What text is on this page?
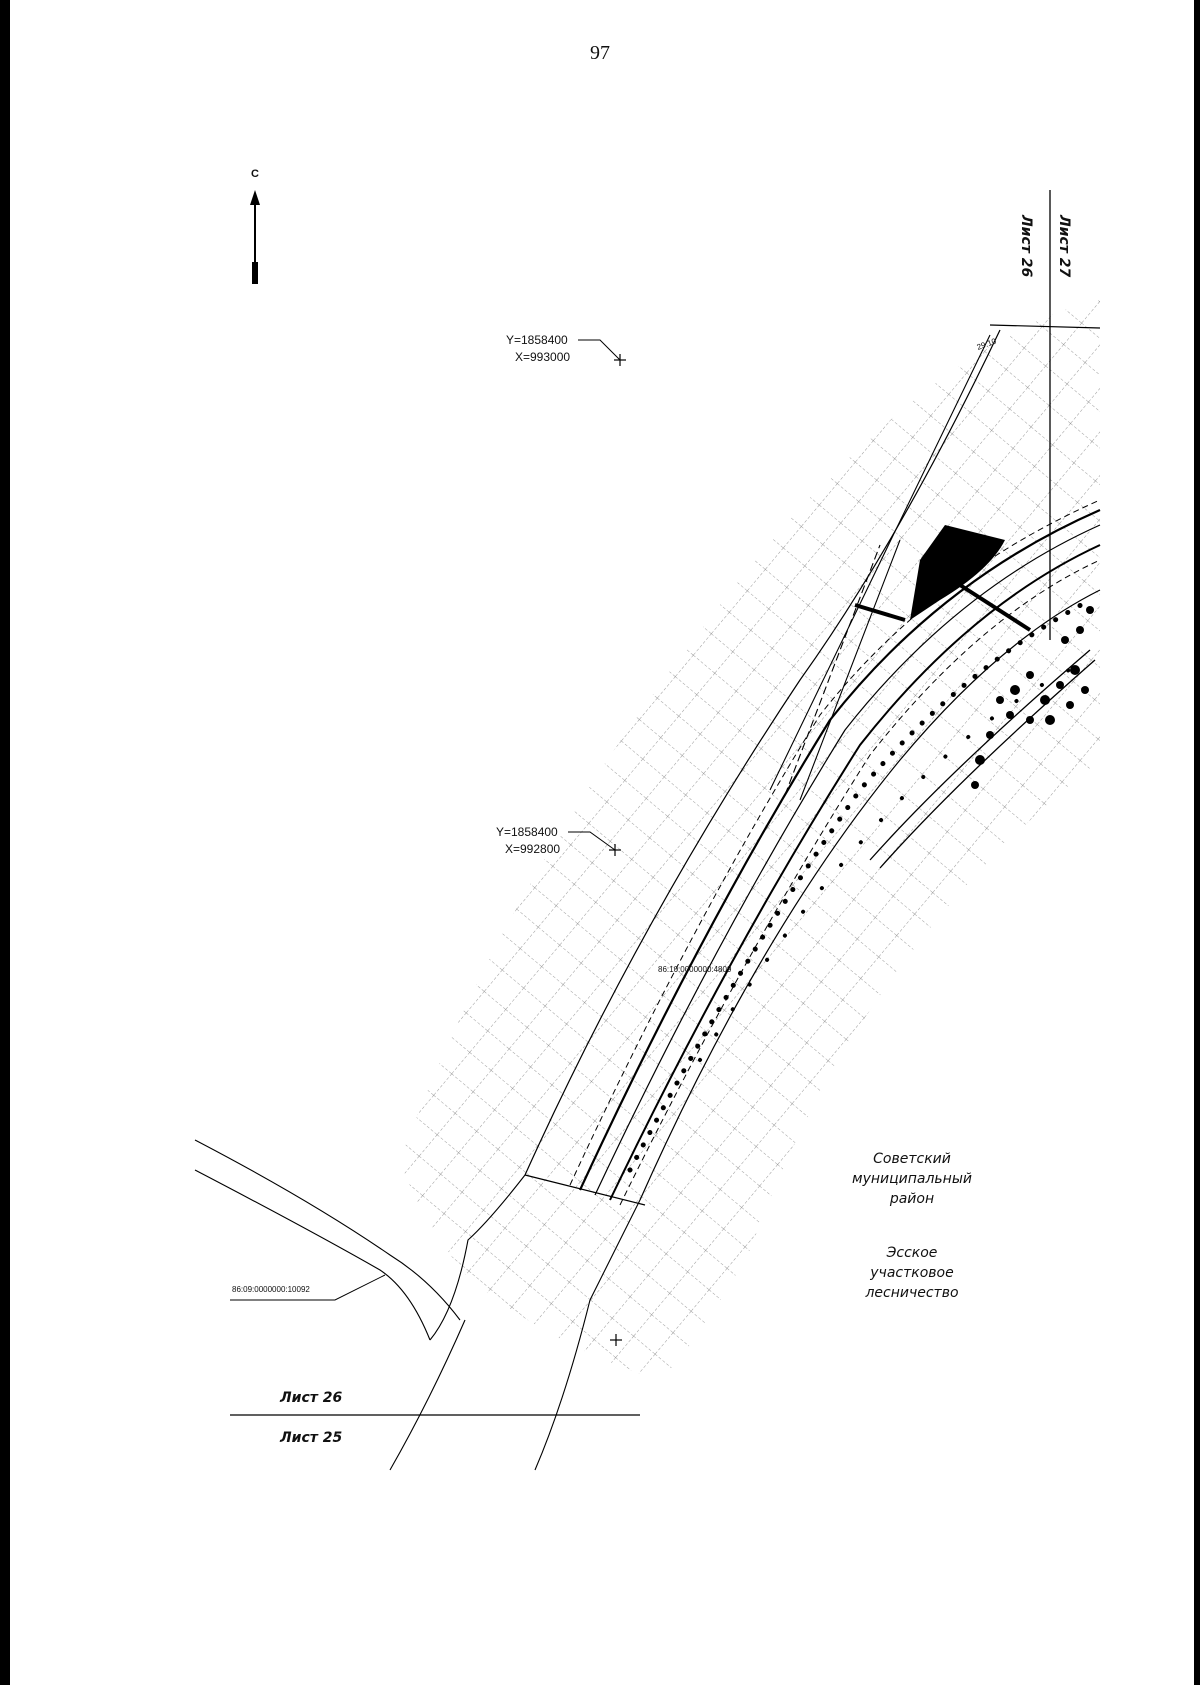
97
С
Y=1858400
X=993000
Y=1858400
X=992800
86:10:0000000:4809
86:09:0000000:10092
29:10
Лист 26 Лист 27
Лист 26
Лист 25
Советский
муниципальный
район
Эсское
участковое
лесничество
